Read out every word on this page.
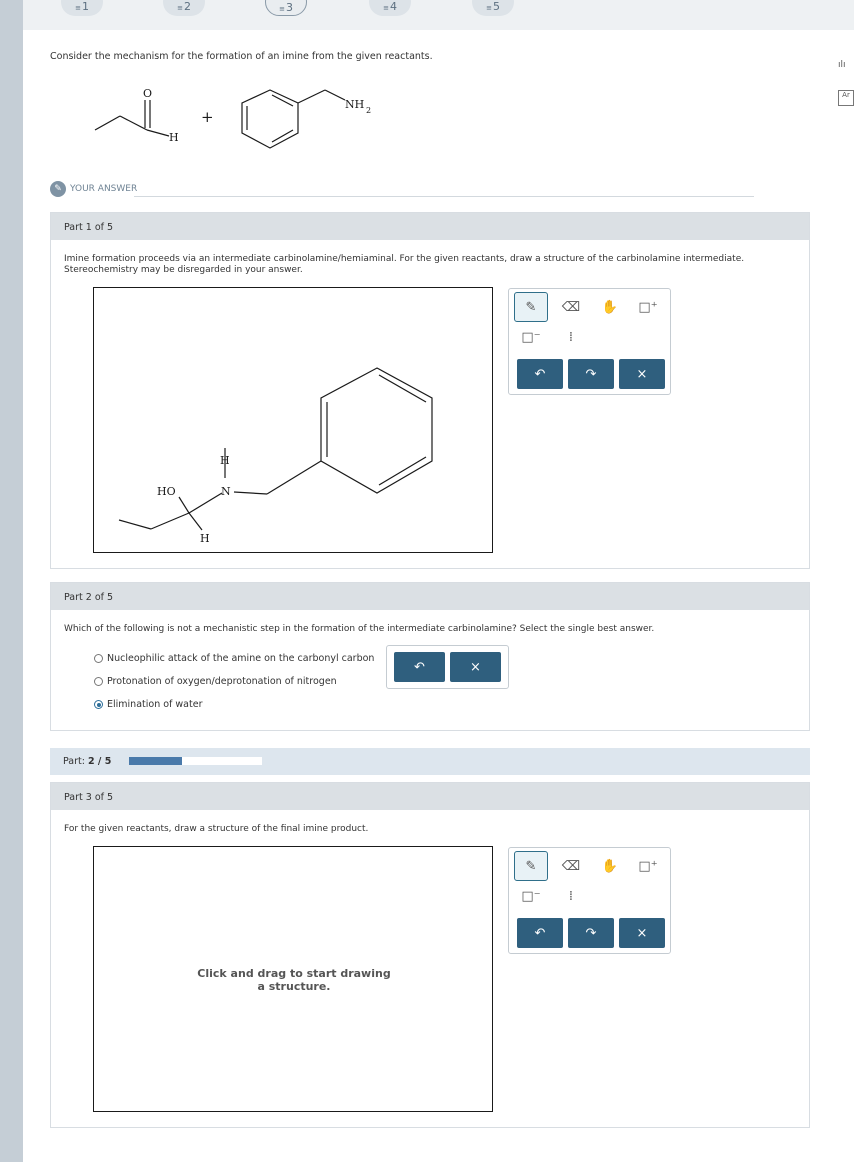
≡ 1	≡ 2	≡ 3	≡ 4	≡ 5
ılı
Ar
Consider the mechanism for the formation of an imine from the given reactants.
O
H
+
NH 2
✎ YOUR ANSWER
Part 1 of 5
Imine formation proceeds via an intermediate carbinolamine/hemiaminal. For the given reactants, draw a structure of the carbinolamine intermediate. Stereochemistry may be disregarded in your answer.
HO
H
N
H
✎	⌫	✋	□⁺
□⁻	⁞
↶	↷	×
Part 2 of 5
Which of the following is not a mechanistic step in the formation of the intermediate carbinolamine? Select the single best answer.
Nucleophilic attack of the amine on the carbonyl carbon
Protonation of oxygen/deprotonation of nitrogen
Elimination of water
↶	×
Part: 2 / 5
Part 3 of 5
For the given reactants, draw a structure of the final imine product.
Click and drag to start drawing a structure.
✎	⌫	✋	□⁺
□⁻	⁞
↶	↷	×
